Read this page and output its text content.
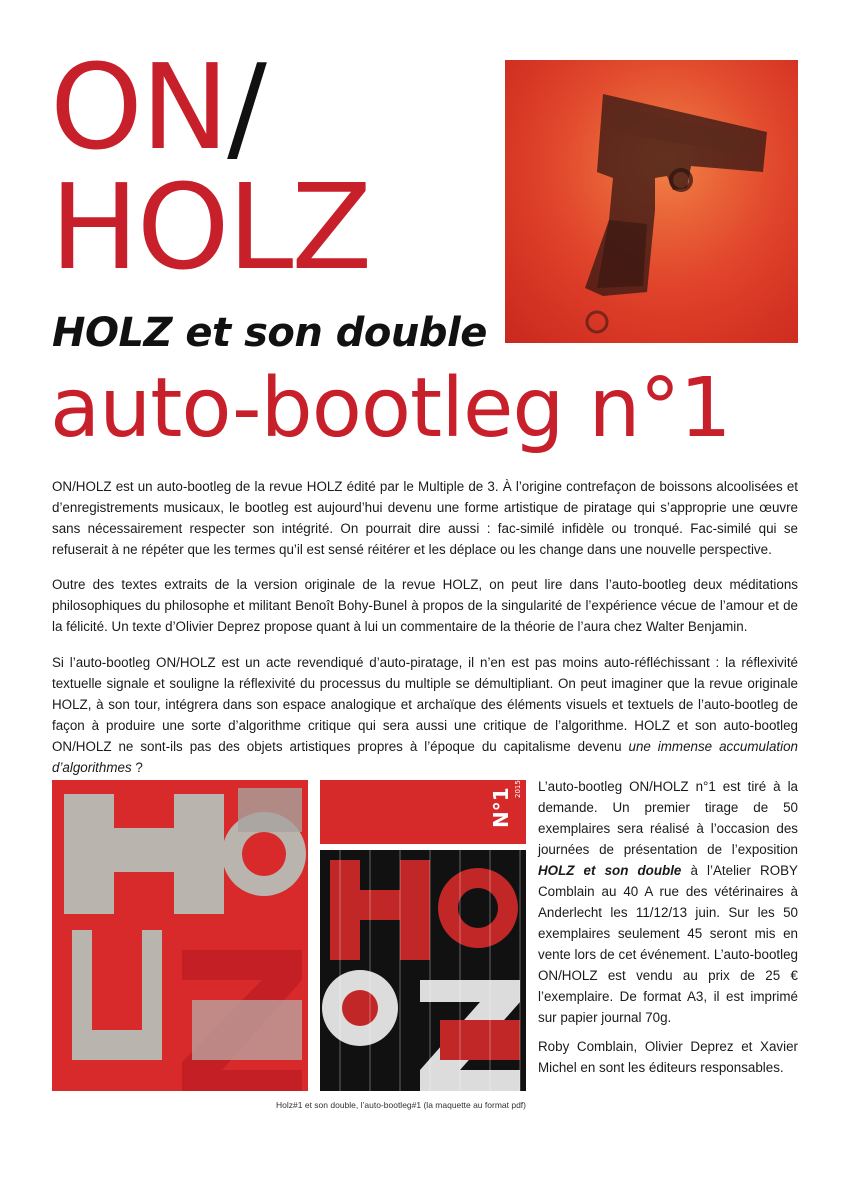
ON/
HOLZ
HOLZ et son double
auto-bootleg n°1
ON/HOLZ est un auto-bootleg de la revue HOLZ édité par le Multiple de 3. À l’origine contrefaçon de boissons alcoolisées et d’enregistrements musicaux, le bootleg est aujourd’hui devenu une forme artistique de piratage qui s’approprie une œuvre sans nécessairement respecter son intégrité. On pourrait dire aussi : fac-similé infidèle ou tronqué. Fac-similé qui se refuserait à ne répéter que les termes qu’il est sensé réitérer et les déplace ou les change dans une nouvelle perspective.
Outre des textes extraits de la version originale de la revue HOLZ, on peut lire dans l’auto-bootleg deux méditations philosophiques du philosophe et militant Benoît Bohy-Bunel à propos de la singularité de l’expérience vécue de l’amour et de la félicité. Un texte d’Olivier Deprez propose quant à lui un commentaire de la théorie de l’aura chez Walter Benjamin.
Si l’auto-bootleg ON/HOLZ est un acte revendiqué d’auto-piratage, il n’en est pas moins auto-réfléchissant : la réflexivité textuelle signale et souligne la réflexivité du processus du multiple se démultipliant. On peut imaginer que la revue originale HOLZ, à son tour, intégrera dans son espace analogique et archaïque des éléments visuels et textuels de l’auto-bootleg de façon à produire une sorte d’algorithme critique qui sera aussi une critique de l’algorithme. HOLZ et son auto-bootleg ON/HOLZ ne sont-ils pas des objets artistiques propres à l’époque du capitalisme devenu une immense accumulation d’algorithmes ?
N°1 2015
Holz#1 et son double, l’auto-bootleg#1 (la maquette au format pdf)
L’auto-bootleg ON/HOLZ n°1 est tiré à la demande. Un premier tirage de 50 exemplaires sera réalisé à l’occasion des journées de présentation de l’exposition HOLZ et son double à l’Atelier ROBY Comblain au 40 A rue des vétérinaires à Anderlecht les 11/12/13 juin. Sur les 50 exemplaires seulement 45 seront mis en vente lors de cet événement. L’auto-bootleg ON/HOLZ est vendu au prix de 25 € l’exemplaire. De format A3, il est imprimé sur papier journal 70g.
Roby Comblain, Olivier Deprez et Xavier Michel en sont les éditeurs responsables.
